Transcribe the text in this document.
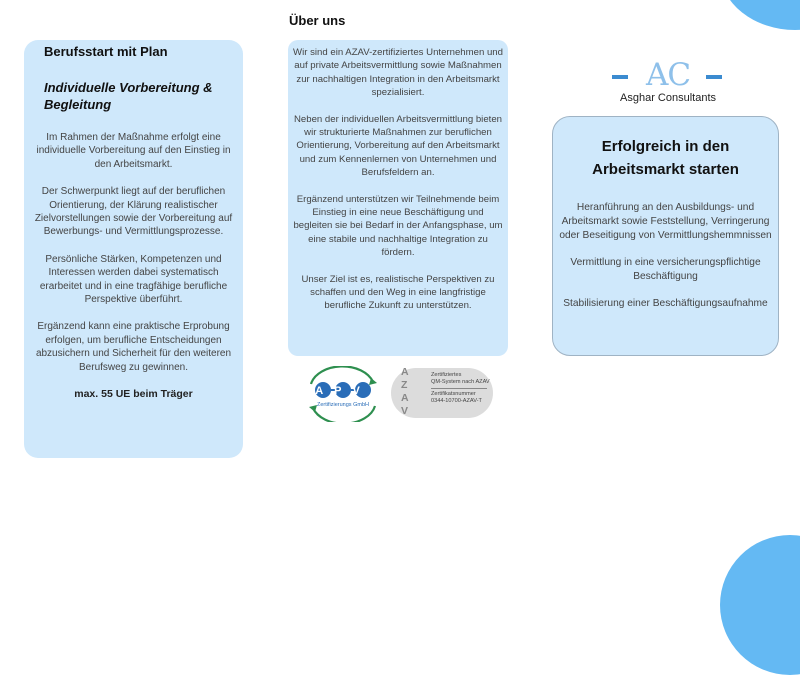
Berufsstart mit Plan
Individuelle Vorbereitung & Begleitung

Im Rahmen der Maßnahme erfolgt eine individuelle Vorbereitung auf den Einstieg in den Arbeitsmarkt.

Der Schwerpunkt liegt auf der beruflichen Orientierung, der Klärung realistischer Zielvorstellungen sowie der Vorbereitung auf Bewerbungs- und Vermittlungsprozesse.

Persönliche Stärken, Kompetenzen und Interessen werden dabei systematisch erarbeitet und in eine tragfähige berufliche Perspektive überführt.

Ergänzend kann eine praktische Erprobung erfolgen, um berufliche Entscheidungen abzusichern und Sicherheit für den weiteren Berufsweg zu gewinnen.

max. 55 UE beim Träger

Über uns

Wir sind ein AZAV-zertifiziertes Unternehmen und auf private Arbeitsvermittlung sowie Maßnahmen zur nachhaltigen Integration in den Arbeitsmarkt spezialisiert.

Neben der individuellen Arbeitsvermittlung bieten wir strukturierte Maßnahmen zur beruflichen Orientierung, Vorbereitung auf den Arbeitsmarkt und zum Kennenlernen von Unternehmen und Berufsfeldern an.

Ergänzend unterstützen wir Teilnehmende beim Einstieg in eine neue Beschäftigung und begleiten sie bei Bedarf in der Anfangsphase, um eine stabile und nachhaltige Integration zu fördern.

Unser Ziel ist es, realistische Perspektiven zu schaffen und den Weg in eine langfristige berufliche Zukunft zu unterstützen.

APV
Zertifizierungs GmbH
A
Z
A
V
Zertifiziertes
QM-System nach AZAV
Zertifikatsnummer
0344-10700-AZAV-T
AC
Asghar Consultants
Erfolgreich in den Arbeitsmarkt starten

Heranführung an den Ausbildungs- und Arbeitsmarkt sowie Feststellung, Verringerung oder Beseitigung von Vermittlungshemmnissen

Vermittlung in eine versicherungspflichtige Beschäftigung

Stabilisierung einer Beschäftigungsaufnahme
